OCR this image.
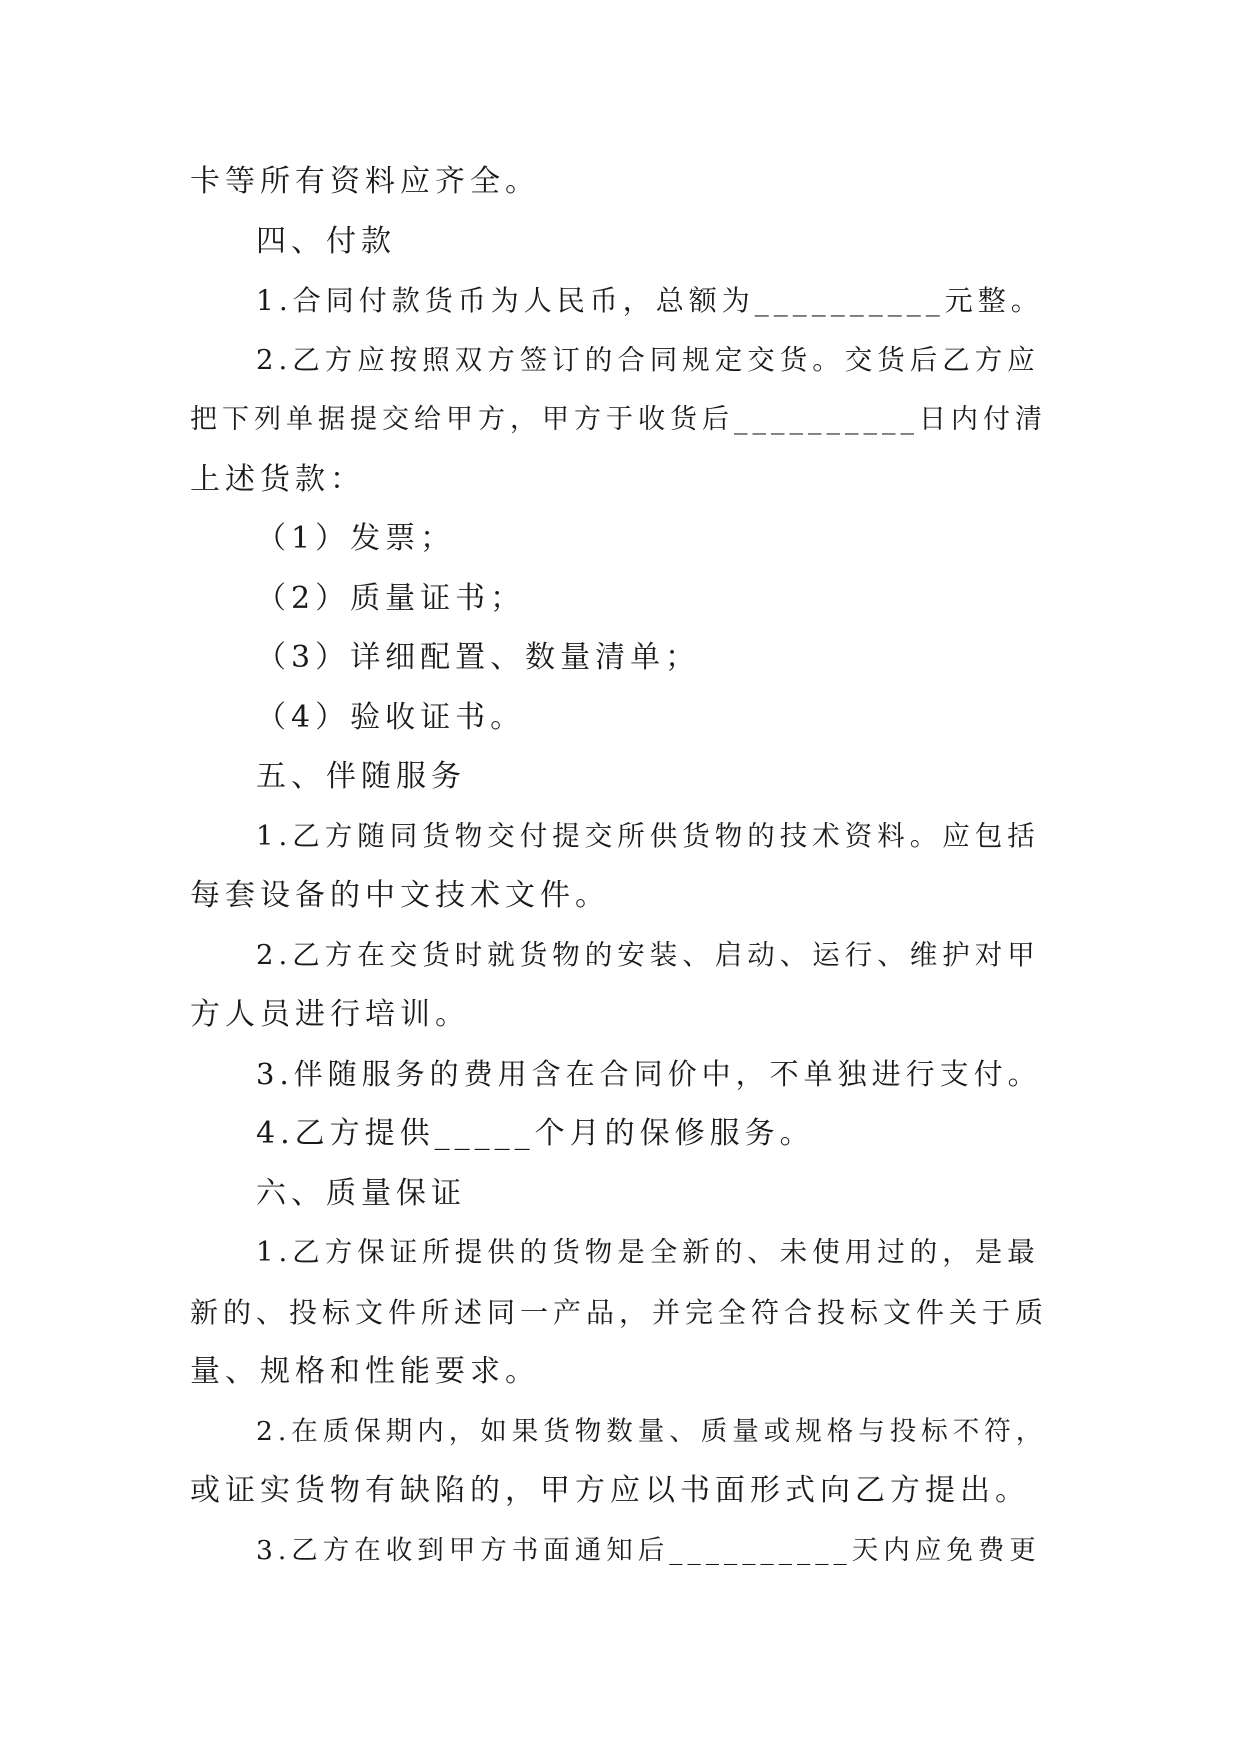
卡等所有资料应齐全。
四、付款
1.合同付款货币为人民币，总额为__________元整。
2.乙方应按照双方签订的合同规定交货。交货后乙方应
把下列单据提交给甲方，甲方于收货后__________日内付清
上述货款：
（1）发票；
（2）质量证书；
（3）详细配置、数量清单；
（4）验收证书。
五、伴随服务
1.乙方随同货物交付提交所供货物的技术资料。应包括
每套设备的中文技术文件。
2.乙方在交货时就货物的安装、启动、运行、维护对甲
方人员进行培训。
3.伴随服务的费用含在合同价中，不单独进行支付。
4.乙方提供_____个月的保修服务。
六、质量保证
1.乙方保证所提供的货物是全新的、未使用过的，是最
新的、投标文件所述同一产品，并完全符合投标文件关于质
量、规格和性能要求。
2.在质保期内，如果货物数量、质量或规格与投标不符，
或证实货物有缺陷的，甲方应以书面形式向乙方提出。
3.乙方在收到甲方书面通知后__________天内应免费更
